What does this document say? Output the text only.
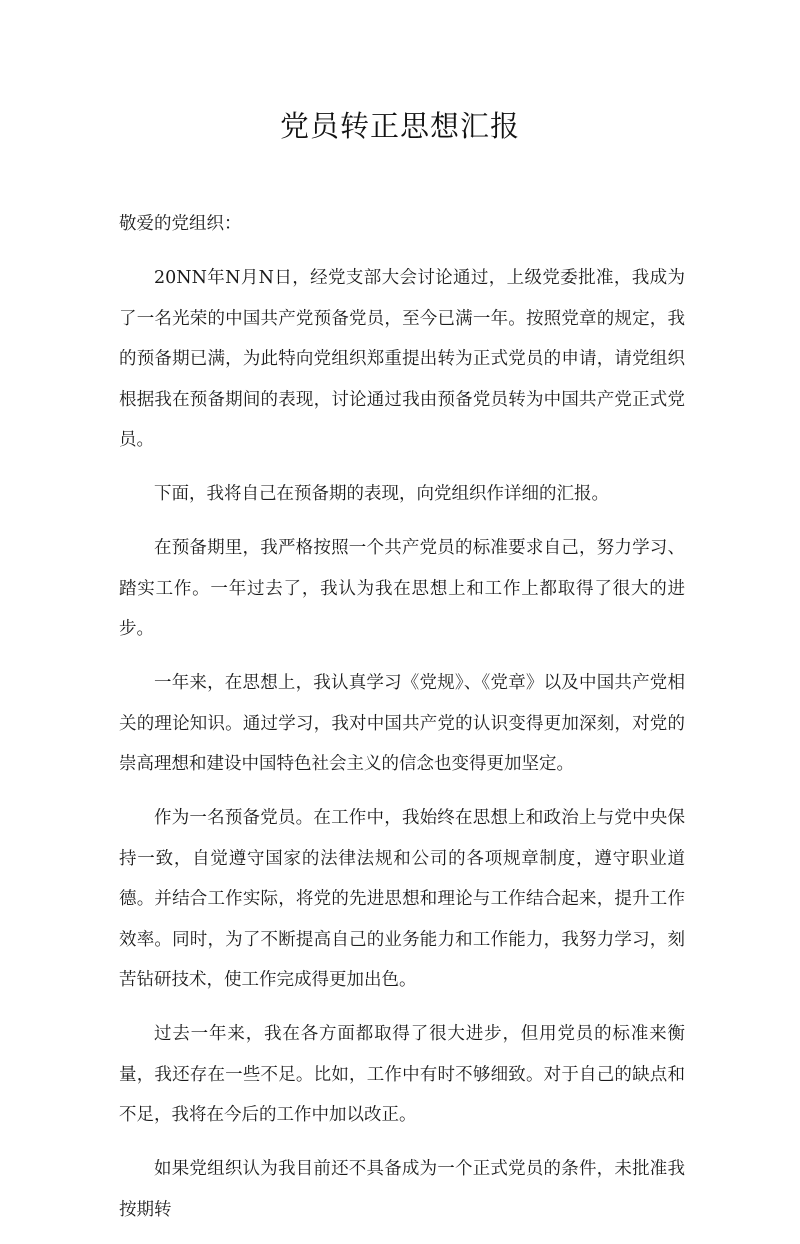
党员转正思想汇报

敬爱的党组织：

20NN年N月N日，经党支部大会讨论通过，上级党委批准，我成为了一名光荣的中国共产党预备党员，至今已满一年。按照党章的规定，我的预备期已满，为此特向党组织郑重提出转为正式党员的申请，请党组织根据我在预备期间的表现，讨论通过我由预备党员转为中国共产党正式党员。

下面，我将自己在预备期的表现，向党组织作详细的汇报。

在预备期里，我严格按照一个共产党员的标准要求自己，努力学习、踏实工作。一年过去了，我认为我在思想上和工作上都取得了很大的进步。

一年来，在思想上，我认真学习《党规》、《党章》以及中国共产党相关的理论知识。通过学习，我对中国共产党的认识变得更加深刻，对党的崇高理想和建设中国特色社会主义的信念也变得更加坚定。

作为一名预备党员。在工作中，我始终在思想上和政治上与党中央保持一致，自觉遵守国家的法律法规和公司的各项规章制度，遵守职业道德。并结合工作实际，将党的先进思想和理论与工作结合起来，提升工作效率。同时，为了不断提高自己的业务能力和工作能力，我努力学习，刻苦钻研技术，使工作完成得更加出色。

过去一年来，我在各方面都取得了很大进步，但用党员的标准来衡量，我还存在一些不足。比如，工作中有时不够细致。对于自己的缺点和不足，我将在今后的工作中加以改正。

如果党组织认为我目前还不具备成为一个正式党员的条件，未批准我按期转
